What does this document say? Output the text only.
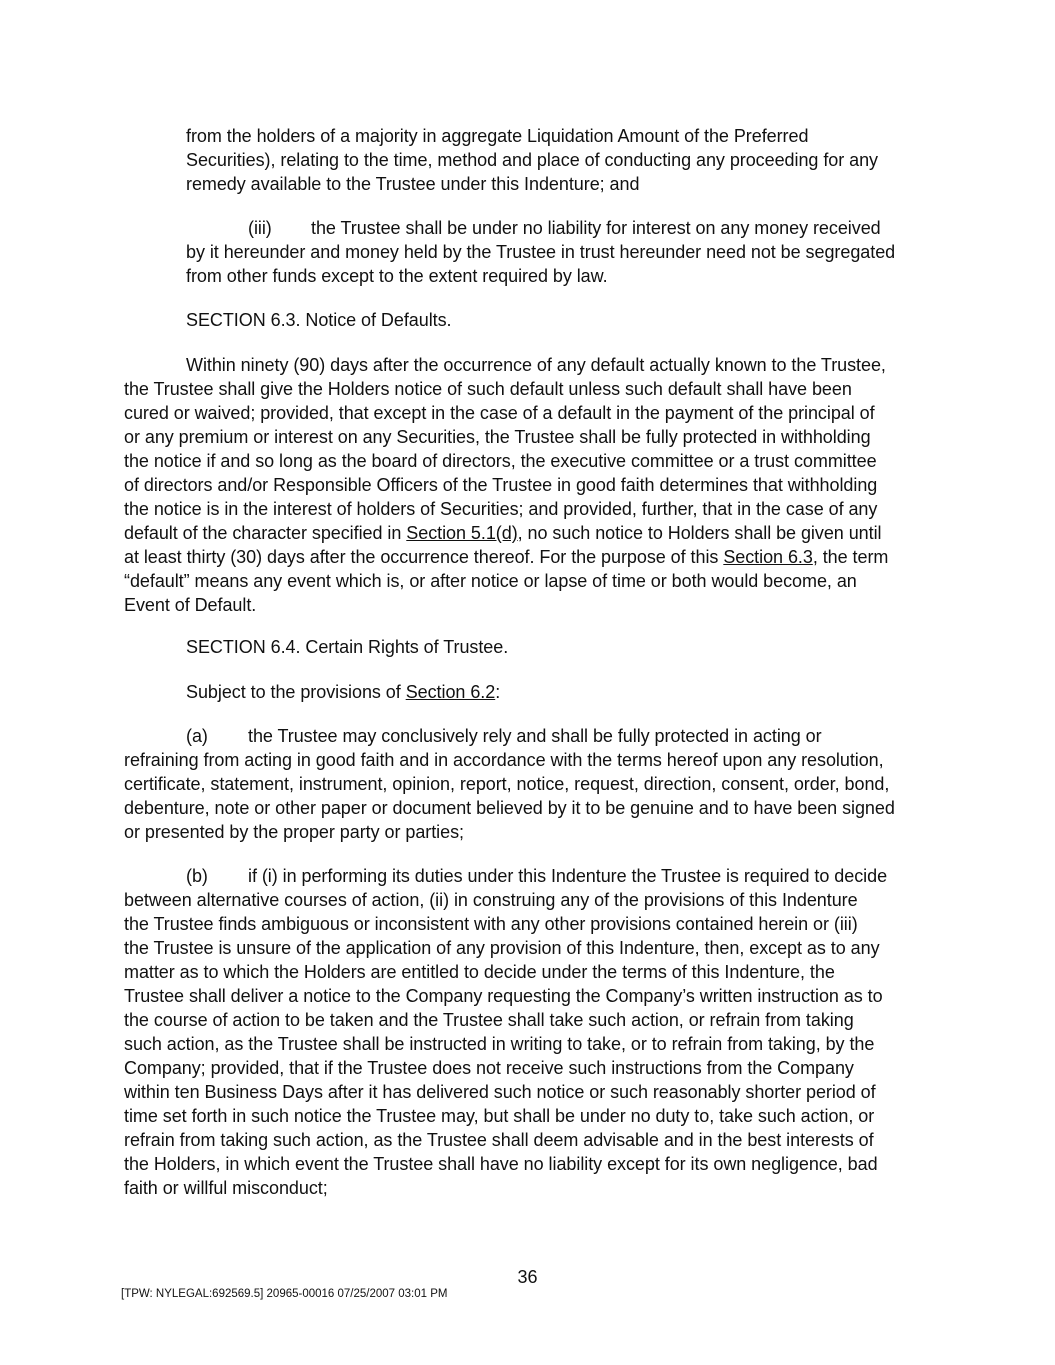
from the holders of a majority in aggregate Liquidation Amount of the Preferred
Securities), relating to the time, method and place of conducting any proceeding for any
remedy available to the Trustee under this Indenture; and
(iii) the Trustee shall be under no liability for interest on any money received
by it hereunder and money held by the Trustee in trust hereunder need not be segregated
from other funds except to the extent required by law.
SECTION 6.3. Notice of Defaults.
Within ninety (90) days after the occurrence of any default actually known to the Trustee,
the Trustee shall give the Holders notice of such default unless such default shall have been
cured or waived; provided, that except in the case of a default in the payment of the principal of
or any premium or interest on any Securities, the Trustee shall be fully protected in withholding
the notice if and so long as the board of directors, the executive committee or a trust committee
of directors and/or Responsible Officers of the Trustee in good faith determines that withholding
the notice is in the interest of holders of Securities; and provided, further, that in the case of any
default of the character specified in Section 5.1(d), no such notice to Holders shall be given until
at least thirty (30) days after the occurrence thereof. For the purpose of this Section 6.3, the term
“default” means any event which is, or after notice or lapse of time or both would become, an
Event of Default.
SECTION 6.4. Certain Rights of Trustee.
Subject to the provisions of Section 6.2:
(a) the Trustee may conclusively rely and shall be fully protected in acting or
refraining from acting in good faith and in accordance with the terms hereof upon any resolution,
certificate, statement, instrument, opinion, report, notice, request, direction, consent, order, bond,
debenture, note or other paper or document believed by it to be genuine and to have been signed
or presented by the proper party or parties;
(b) if (i) in performing its duties under this Indenture the Trustee is required to decide
between alternative courses of action, (ii) in construing any of the provisions of this Indenture
the Trustee finds ambiguous or inconsistent with any other provisions contained herein or (iii)
the Trustee is unsure of the application of any provision of this Indenture, then, except as to any
matter as to which the Holders are entitled to decide under the terms of this Indenture, the
Trustee shall deliver a notice to the Company requesting the Company’s written instruction as to
the course of action to be taken and the Trustee shall take such action, or refrain from taking
such action, as the Trustee shall be instructed in writing to take, or to refrain from taking, by the
Company; provided, that if the Trustee does not receive such instructions from the Company
within ten Business Days after it has delivered such notice or such reasonably shorter period of
time set forth in such notice the Trustee may, but shall be under no duty to, take such action, or
refrain from taking such action, as the Trustee shall deem advisable and in the best interests of
the Holders, in which event the Trustee shall have no liability except for its own negligence, bad
faith or willful misconduct;
36
[TPW: NYLEGAL:692569.5] 20965-00016 07/25/2007 03:01 PM
